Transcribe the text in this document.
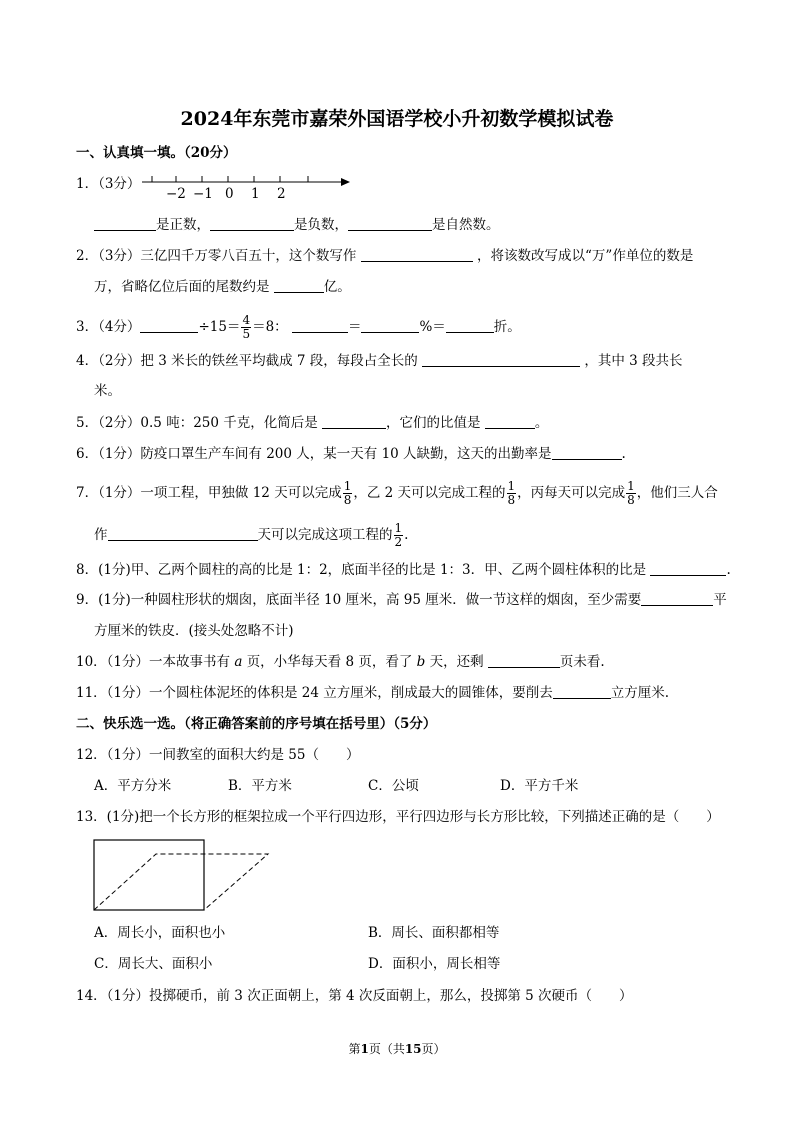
2024年东莞市嘉荣外国语学校小升初数学模拟试卷
一、认真填一填。（20分）
1．（3分）
−2 −1 0 1 2
是正数，	是负数，	是自然数。
2．（3分）三亿四千万零八百五十，这个数写作	，将该数改写成以“万”作单位的数是
万，省略亿位后面的尾数约是	亿。
3．（4分）	$\div 15= \frac{4}{5} =8$：	＝	%＝	折。
4．（2分）把 3 米长的铁丝平均截成 7 段，每段占全长的	，其中 3 段共长
米。
5．（2分）0.5 吨：250 千克，化简后是	，它们的比值是	。
6．（1分）防疫口罩生产车间有 200 人，某一天有 10 人缺勤，这天的出勤率是	.
7．（1分）一项工程，甲独做 12 天可以完成 $\frac{1}{8}$ ，乙 2 天可以完成工程的 $\frac{1}{8}$ ，丙每天可以完成 $\frac{1}{8}$ ，他们三人合
作	天可以完成这项工程的 $\frac{1}{2}$ .
8．(1分)甲、乙两个圆柱的高的比是 1：2，底面半径的比是 1：3．甲、乙两个圆柱体积的比是	.
9．(1分)一种圆柱形状的烟囱，底面半径 10 厘米，高 95 厘米．做一节这样的烟囱，至少需要	平
方厘米的铁皮．(接头处忽略不计)
10．（1分）一本故事书有 a 页，小华每天看 8 页，看了 b 天，还剩	页未看.
11．（1分）一个圆柱体泥坯的体积是 24 立方厘米，削成最大的圆锥体，要削去	立方厘米.
二、快乐选一选。（将正确答案前的序号填在括号里）（5分）
12．（1分）一间教室的面积大约是 55（　　）
A．平方分米	B．平方米	C．公顷	D．平方千米
13．(1分)把一个长方形的框架拉成一个平行四边形，平行四边形与长方形比较，下列描述正确的是（　　）
A．周长小，面积也小	B．周长、面积都相等
C．周长大、面积小	D．面积小，周长相等
14．（1分）投掷硬币，前 3 次正面朝上，第 4 次反面朝上，那么，投掷第 5 次硬币（　　）
第1页（共15页）
